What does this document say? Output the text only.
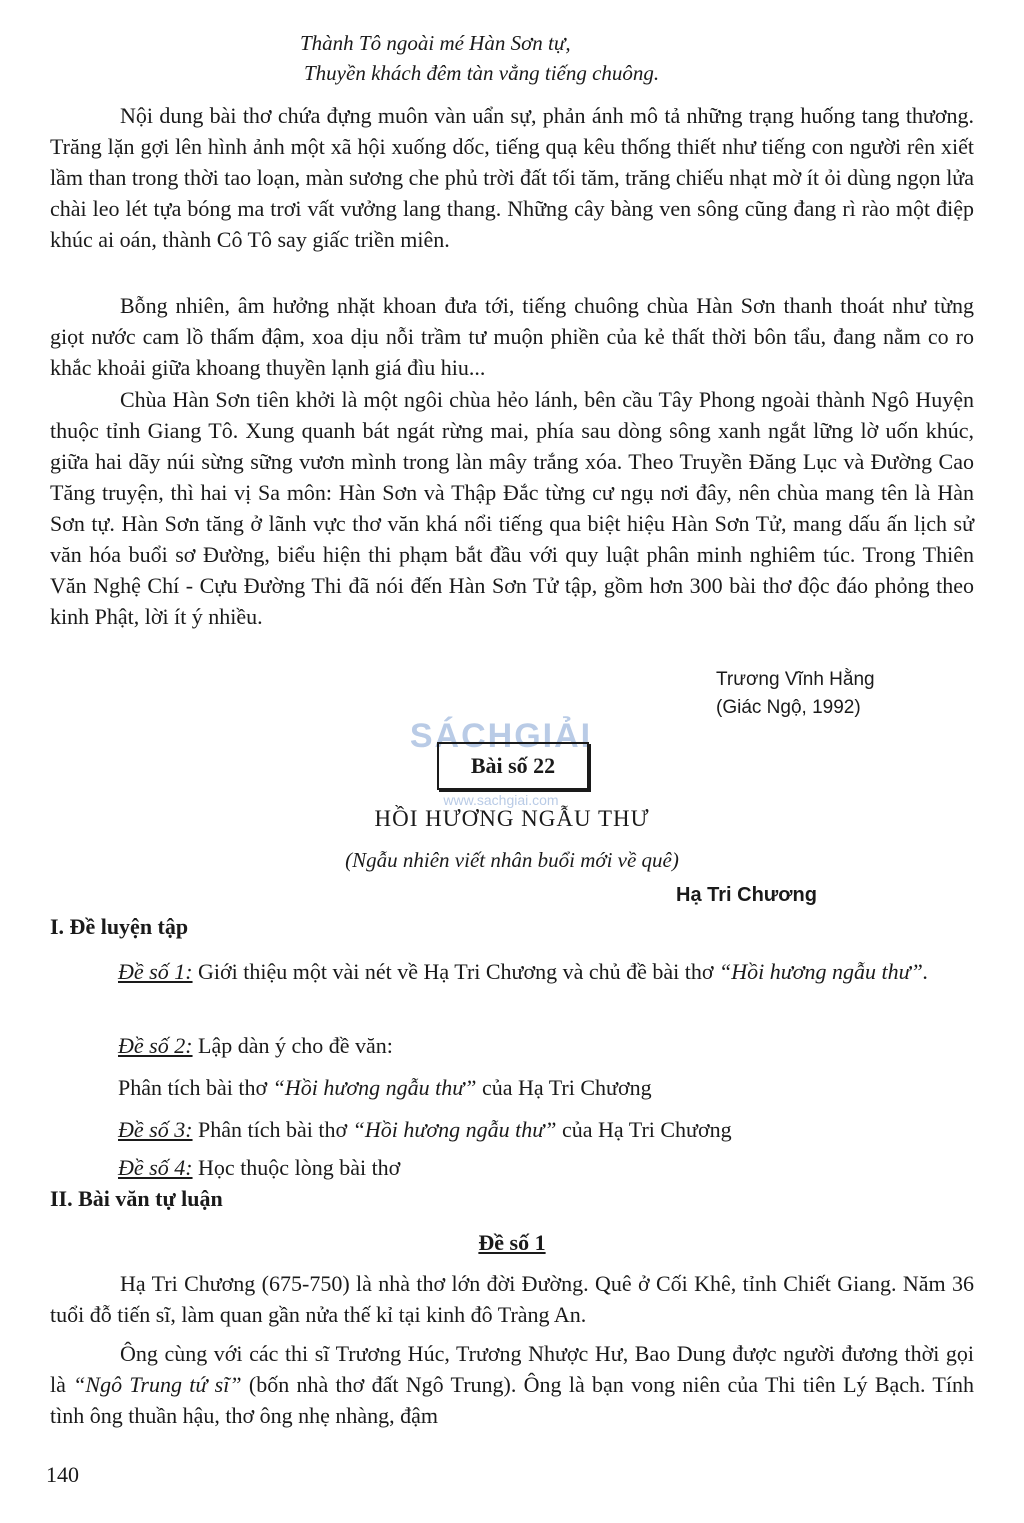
Thành Tô ngoài mé Hàn Sơn tự,
Thuyền khách đêm tàn vẳng tiếng chuông.

Nội dung bài thơ chứa đựng muôn vàn uẩn sự, phản ánh mô tả những trạng huống tang thương. Trăng lặn gợi lên hình ảnh một xã hội xuống dốc, tiếng quạ kêu thống thiết như tiếng con người rên xiết lầm than trong thời tao loạn, màn sương che phủ trời đất tối tăm, trăng chiếu nhạt mờ ít ỏi dùng ngọn lửa chài leo lét tựa bóng ma trơi vất vưởng lang thang. Những cây bàng ven sông cũng đang rì rào một điệp khúc ai oán, thành Cô Tô say giấc triền miên.

Bỗng nhiên, âm hưởng nhặt khoan đưa tới, tiếng chuông chùa Hàn Sơn thanh thoát như từng giọt nước cam lồ thấm đậm, xoa dịu nỗi trầm tư muộn phiền của kẻ thất thời bôn tẩu, đang nằm co ro khắc khoải giữa khoang thuyền lạnh giá đìu hiu...

Chùa Hàn Sơn tiên khởi là một ngôi chùa hẻo lánh, bên cầu Tây Phong ngoài thành Ngô Huyện thuộc tỉnh Giang Tô. Xung quanh bát ngát rừng mai, phía sau dòng sông xanh ngắt lững lờ uốn khúc, giữa hai dãy núi sừng sững vươn mình trong làn mây trắng xóa. Theo Truyền Đăng Lục và Đường Cao Tăng truyện, thì hai vị Sa môn: Hàn Sơn và Thập Đắc từng cư ngụ nơi đây, nên chùa mang tên là Hàn Sơn tự. Hàn Sơn tăng ở lãnh vực thơ văn khá nổi tiếng qua biệt hiệu Hàn Sơn Tử, mang dấu ấn lịch sử văn hóa buổi sơ Đường, biểu hiện thi phạm bắt đầu với quy luật phân minh nghiêm túc. Trong Thiên Văn Nghệ Chí - Cựu Đường Thi đã nói đến Hàn Sơn Tử tập, gồm hơn 300 bài thơ độc đáo phỏng theo kinh Phật, lời ít ý nhiều.

Trương Vĩnh Hằng
(Giác Ngộ, 1992)
SÁCHGIẢI
www.sachgiai.com
Bài số 22
HỒI HƯƠNG NGẪU THƯ
(Ngẫu nhiên viết nhân buổi mới về quê)
Hạ Tri Chương
I. Đề luyện tập
Đề số 1: Giới thiệu một vài nét về Hạ Tri Chương và chủ đề bài thơ “Hồi hương ngẫu thư”.
Đề số 2: Lập dàn ý cho đề văn:
Phân tích bài thơ “Hồi hương ngẫu thư” của Hạ Tri Chương
Đề số 3: Phân tích bài thơ “Hồi hương ngẫu thư” của Hạ Tri Chương
Đề số 4: Học thuộc lòng bài thơ
II. Bài văn tự luận
Đề số 1

Hạ Tri Chương (675-750) là nhà thơ lớn đời Đường. Quê ở Cối Khê, tỉnh Chiết Giang. Năm 36 tuổi đỗ tiến sĩ, làm quan gần nửa thế kỉ tại kinh đô Tràng An.

Ông cùng với các thi sĩ Trương Húc, Trương Nhược Hư, Bao Dung được người đương thời gọi là “Ngô Trung tứ sĩ” (bốn nhà thơ đất Ngô Trung). Ông là bạn vong niên của Thi tiên Lý Bạch. Tính tình ông thuần hậu, thơ ông nhẹ nhàng, đậm

140
